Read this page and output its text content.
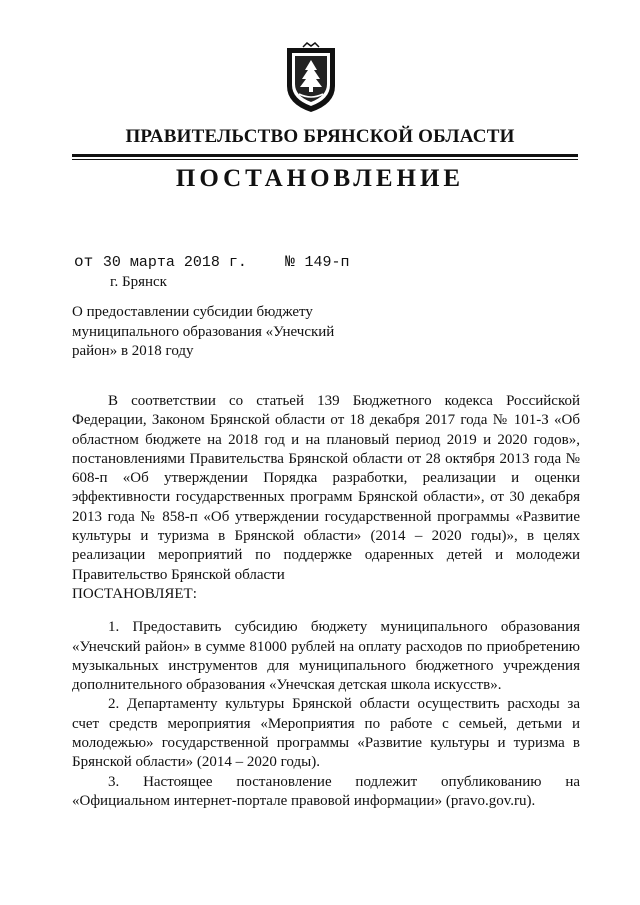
ПРАВИТЕЛЬСТВО БРЯНСКОЙ ОБЛАСТИ
ПОСТАНОВЛЕНИЕ
от 30 марта 2018 г. № 149-п
г. Брянск
О предоставлении субсидии бюджету
муниципального образования «Унечский
район» в 2018 году

В соответствии со статьей 139 Бюджетного кодекса Российской Федерации, Законом Брянской области от 18 декабря 2017 года № 101-З «Об областном бюджете на 2018 год и на плановый период 2019 и 2020 годов», постановлениями Правительства Брянской области от 28 октября 2013 года № 608-п «Об утверждении Порядка разработки, реализации и оценки эффективности государственных программ Брянской области», от 30 декабря 2013 года № 858-п «Об утверждении государственной программы «Развитие культуры и туризма в Брянской области» (2014 – 2020 годы)», в целях реализации мероприятий по поддержке одаренных детей и молодежи Правительство Брянской области

ПОСТАНОВЛЯЕТ:

1. Предоставить субсидию бюджету муниципального образования «Унечский район» в сумме 81000 рублей на оплату расходов по приобретению музыкальных инструментов для муниципального бюджетного учреждения дополнительного образования «Унечская детская школа искусств».

2. Департаменту культуры Брянской области осуществить расходы за счет средств мероприятия «Мероприятия по работе с семьей, детьми и молодежью» государственной программы «Развитие культуры и туризма в Брянской области» (2014 – 2020 годы).

3. Настоящее постановление подлежит опубликованию на «Официальном интернет-портале правовой информации» (pravo.gov.ru).
